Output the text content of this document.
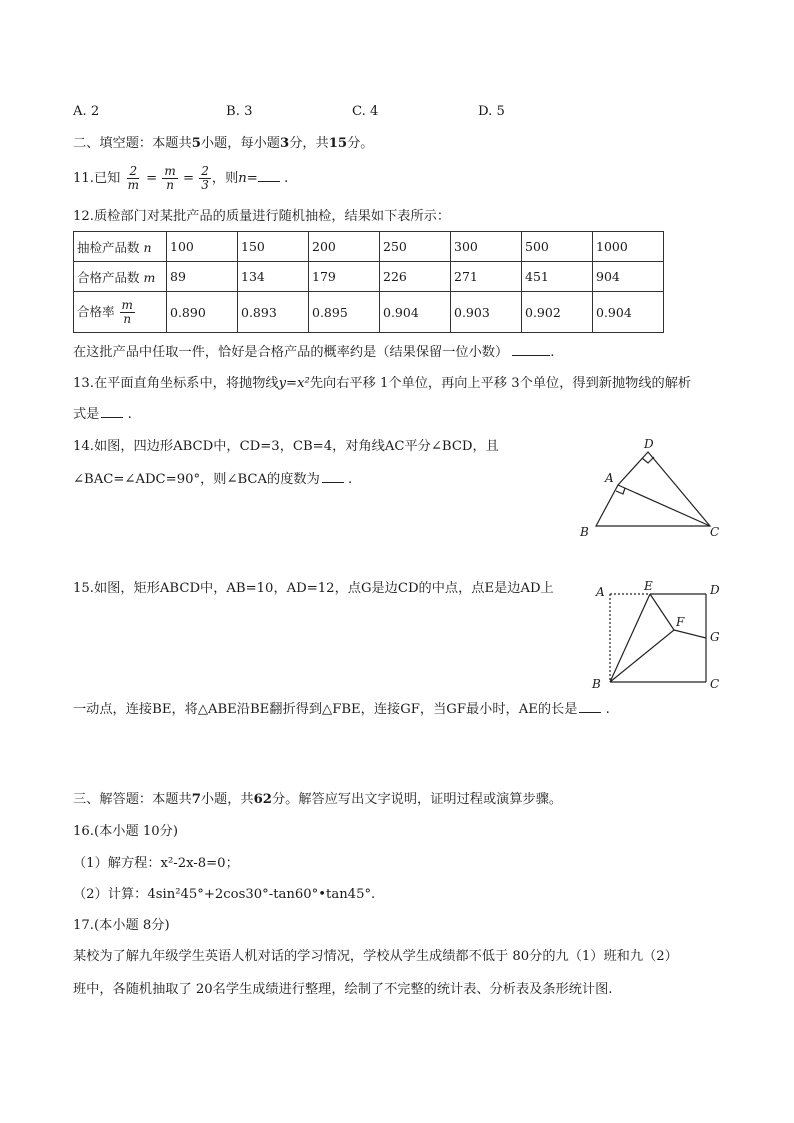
A. 2	B. 3	C. 4	D. 5
二、填空题：本题共5小题，每小题3分，共15分。
11.已知 $\frac{2}{m} = \frac{m}{n} = \frac{2}{3}$ ，则n= .
12.质检部门对某批产品的质量进行随机抽检，结果如下表所示：
抽检产品数 n	100	150	200	250	300	500	1000
合格产品数 m	89	134	179	226	271	451	904
合格率 $\frac{m}{n}$	0.890	0.893	0.895	0.904	0.903	0.902	0.904
在这批产品中任取一件，恰好是合格产品的概率约是（结果保留一位小数）	.
13.在平面直角坐标系中，将抛物线y=x²先向右平移 1个单位，再向上平移 3个单位，得到新抛物线的解析
式是 .
14.如图，四边形ABCD中，CD=3，CB=4，对角线AC平分∠BCD，且
∠BAC=∠ADC=90°，则∠BCA的度数为 .
D
A
B	C
15.如图，矩形ABCD中，AB=10，AD=12，点G是边CD的中点，点E是边AD上
一动点，连接BE，将△ABE沿BE翻折得到△FBE，连接GF，当GF最小时，AE的长是 .
A	E	D
F
G
B	C
三、解答题：本题共7小题，共62分。解答应写出文字说明，证明过程或演算步骤。
16.(本小题 10分)
（1）解方程：x²-2x-8=0；
（2）计算：4sin²45°+2cos30°-tan60°•tan45°.
17.(本小题 8分)
某校为了解九年级学生英语人机对话的学习情况，学校从学生成绩都不低于 80分的九（1）班和九（2）
班中，各随机抽取了 20名学生成绩进行整理，绘制了不完整的统计表、分析表及条形统计图.
